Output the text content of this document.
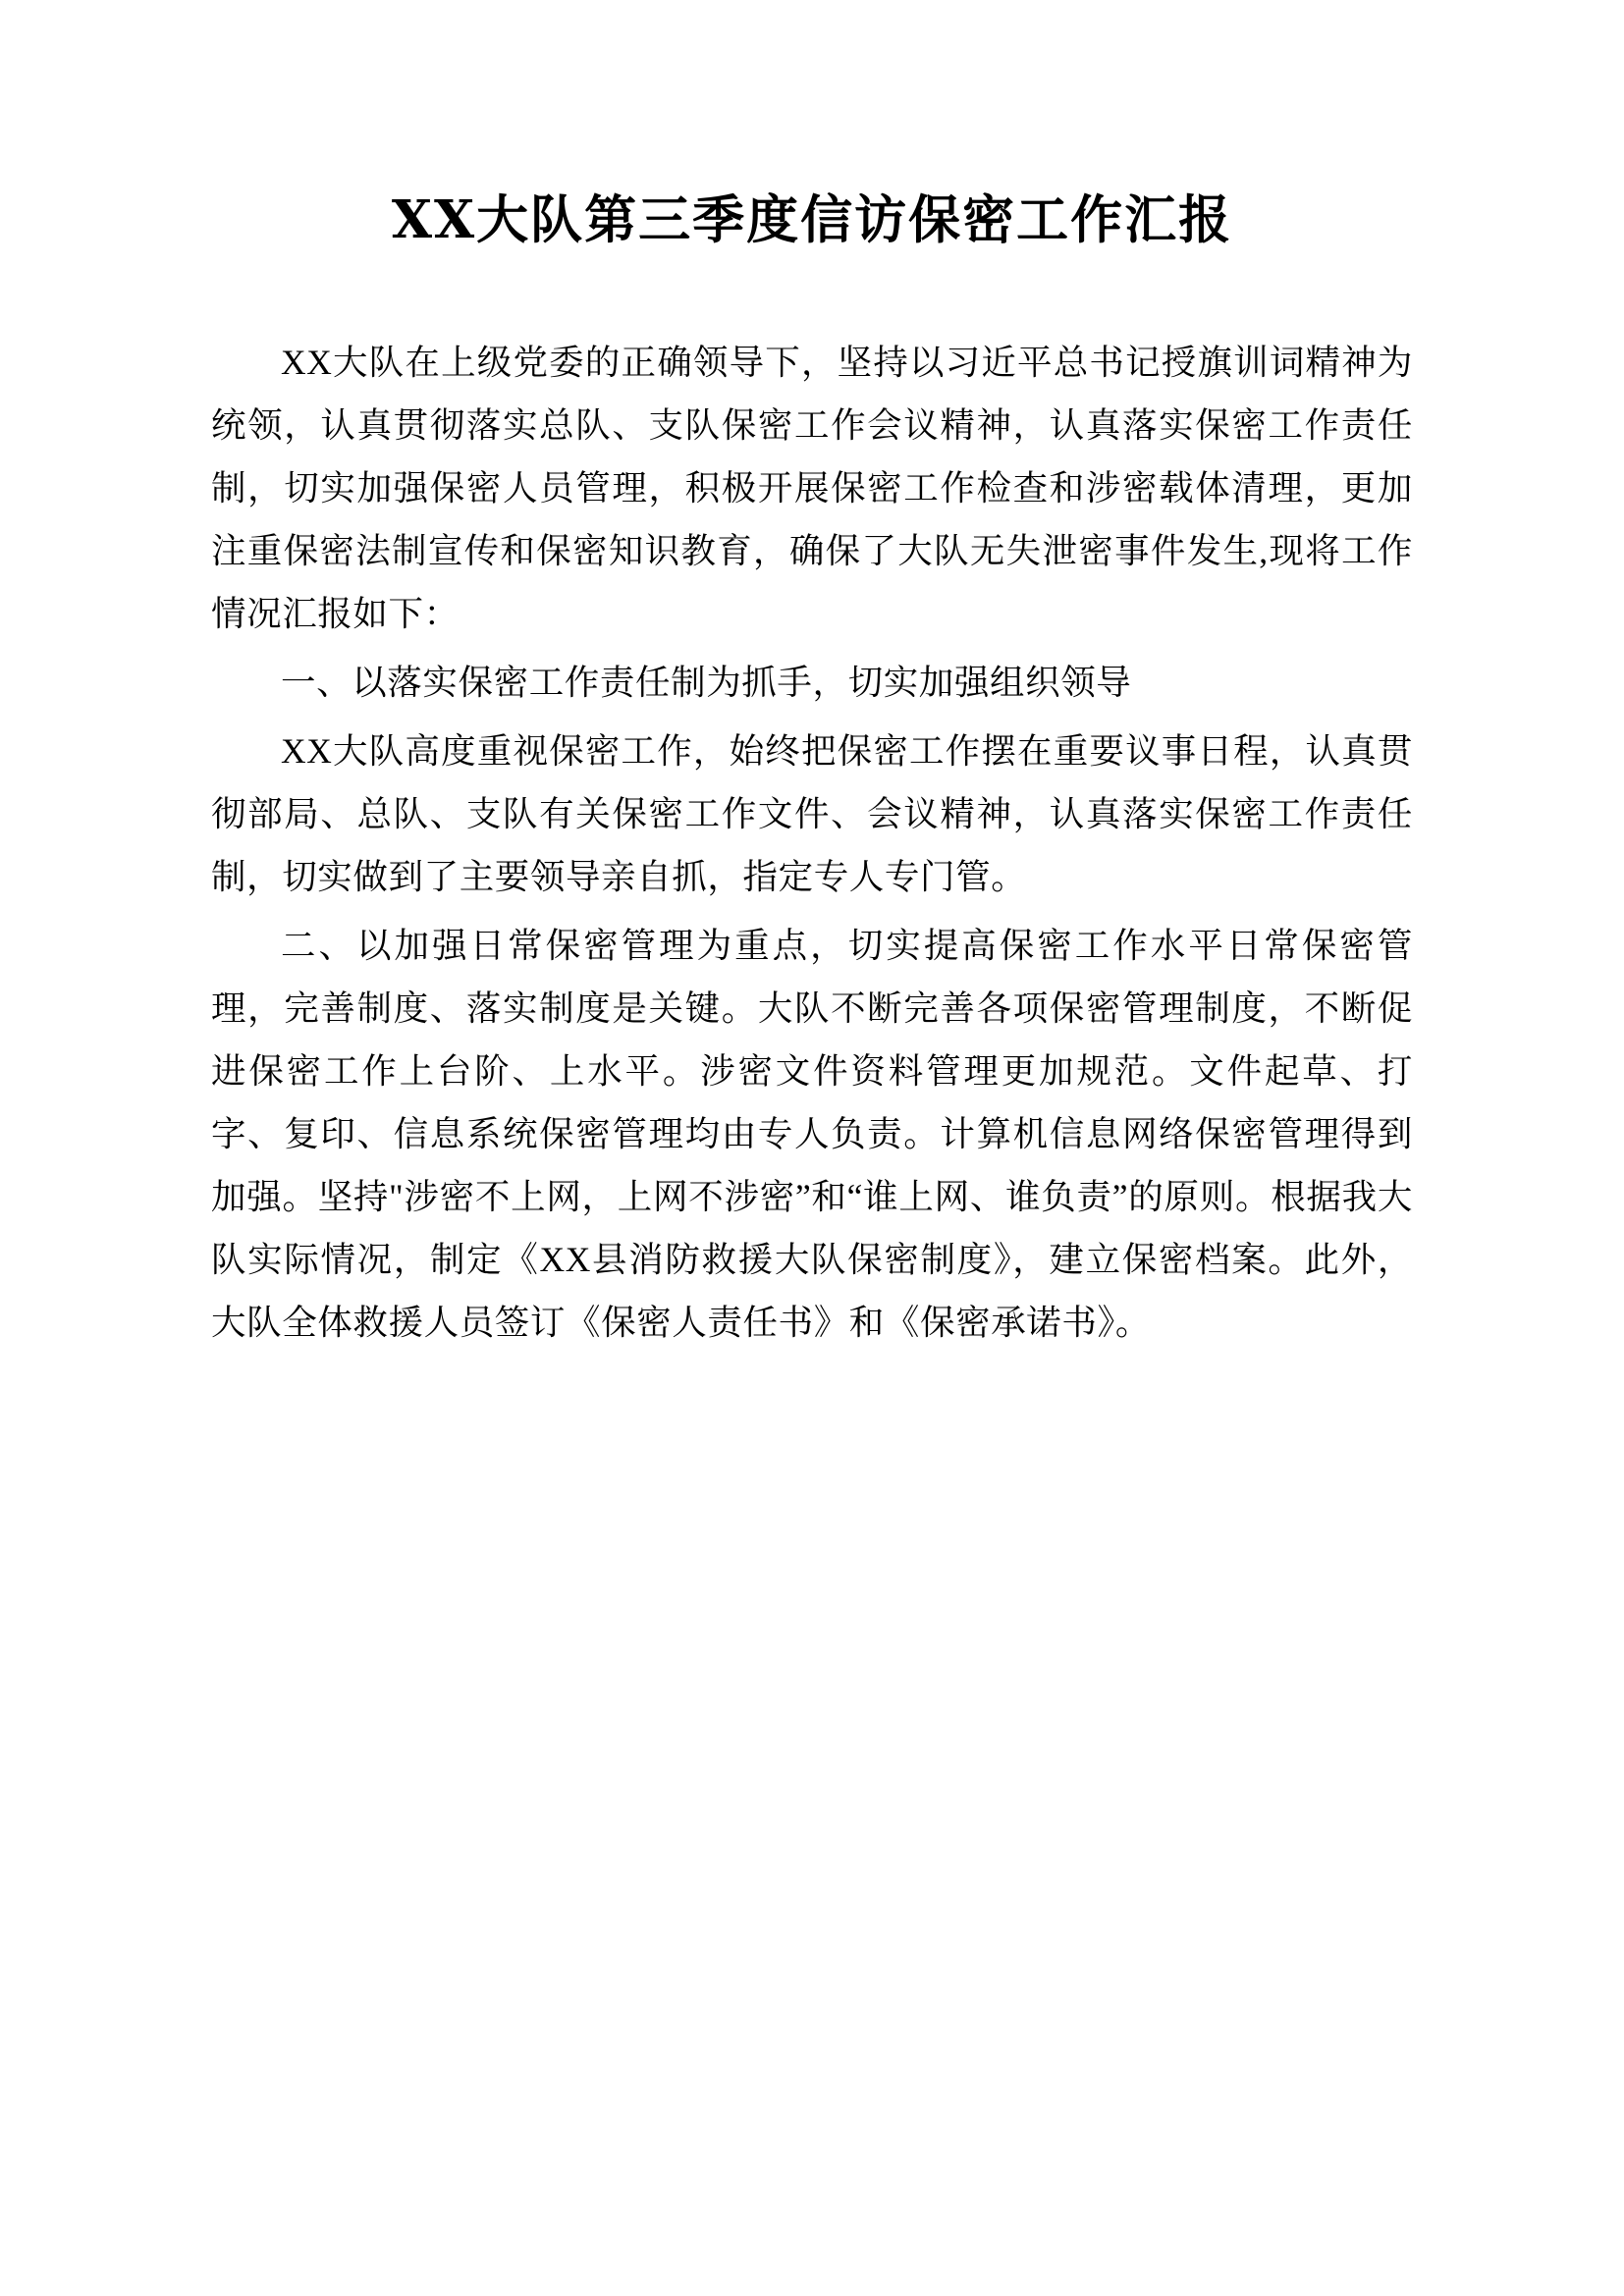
XX大队第三季度信访保密工作汇报

XX大队在上级党委的正确领导下，坚持以习近平总书记授旗训词精神为统领，认真贯彻落实总队、支队保密工作会议精神，认真落实保密工作责任制，切实加强保密人员管理，积极开展保密工作检查和涉密载体清理，更加注重保密法制宣传和保密知识教育，确保了大队无失泄密事件发生,现将工作情况汇报如下：

一、以落实保密工作责任制为抓手，切实加强组织领导

XX大队高度重视保密工作，始终把保密工作摆在重要议事日程，认真贯彻部局、总队、支队有关保密工作文件、会议精神，认真落实保密工作责任制，切实做到了主要领导亲自抓，指定专人专门管。

二、以加强日常保密管理为重点，切实提高保密工作水平日常保密管理，完善制度、落实制度是关键。大队不断完善各项保密管理制度，不断促进保密工作上台阶、上水平。涉密文件资料管理更加规范。文件起草、打字、复印、信息系统保密管理均由专人负责。计算机信息网络保密管理得到加强。坚持"涉密不上网，上网不涉密”和“谁上网、谁负责”的原则。根据我大队实际情况，制定《XX县消防救援大队保密制度》，建立保密档案。此外，大队全体救援人员签订《保密人责任书》和《保密承诺书》。
